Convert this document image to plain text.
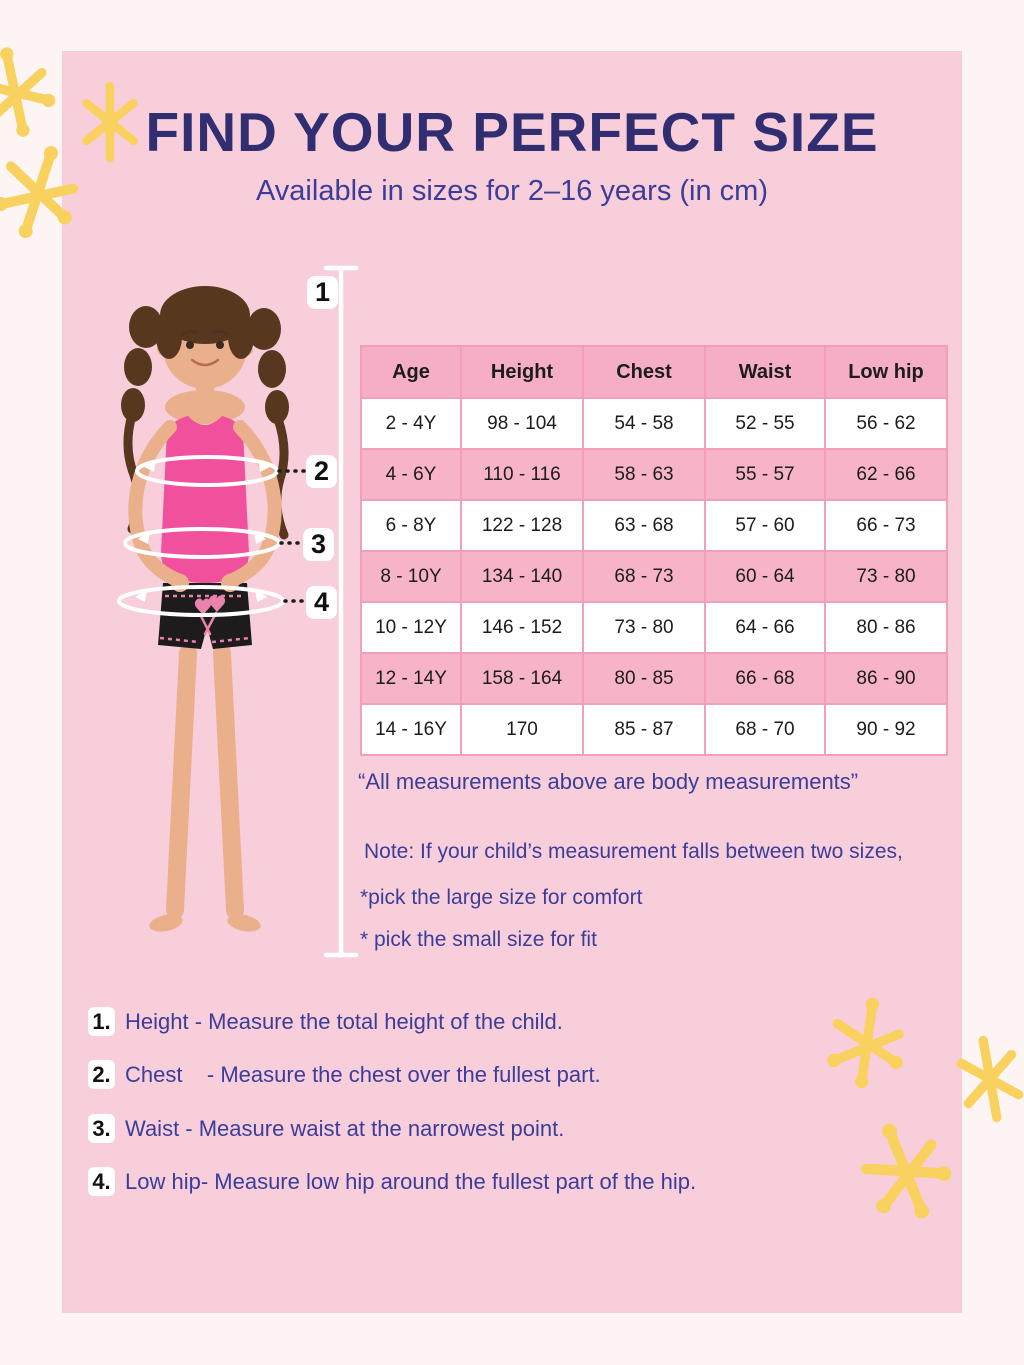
FIND YOUR PERFECT SIZE
Available in sizes for 2–16 years (in cm)
1
2
3
4
Age	Height	Chest	Waist	Low hip
2 - 4Y	98 - 104	54 - 58	52 - 55	56 - 62
4 - 6Y	110 - 116	58 - 63	55 - 57	62 - 66
6 - 8Y	122 - 128	63 - 68	57 - 60	66 - 73
8 - 10Y	134 - 140	68 - 73	60 - 64	73 - 80
10 - 12Y	146 - 152	73 - 80	64 - 66	80 - 86
12 - 14Y	158 - 164	80 - 85	66 - 68	86 - 90
14 - 16Y	170	85 - 87	68 - 70	90 - 92
“All measurements above are body measurements”
Note: If your child’s measurement falls between two sizes,
*pick the large size for comfort
* pick the small size for fit
1. Height - Measure the total height of the child.
2. Chest    - Measure the chest over the fullest part.
3. Waist - Measure waist at the narrowest point.
4. Low hip- Measure low hip around the fullest part of the hip.
